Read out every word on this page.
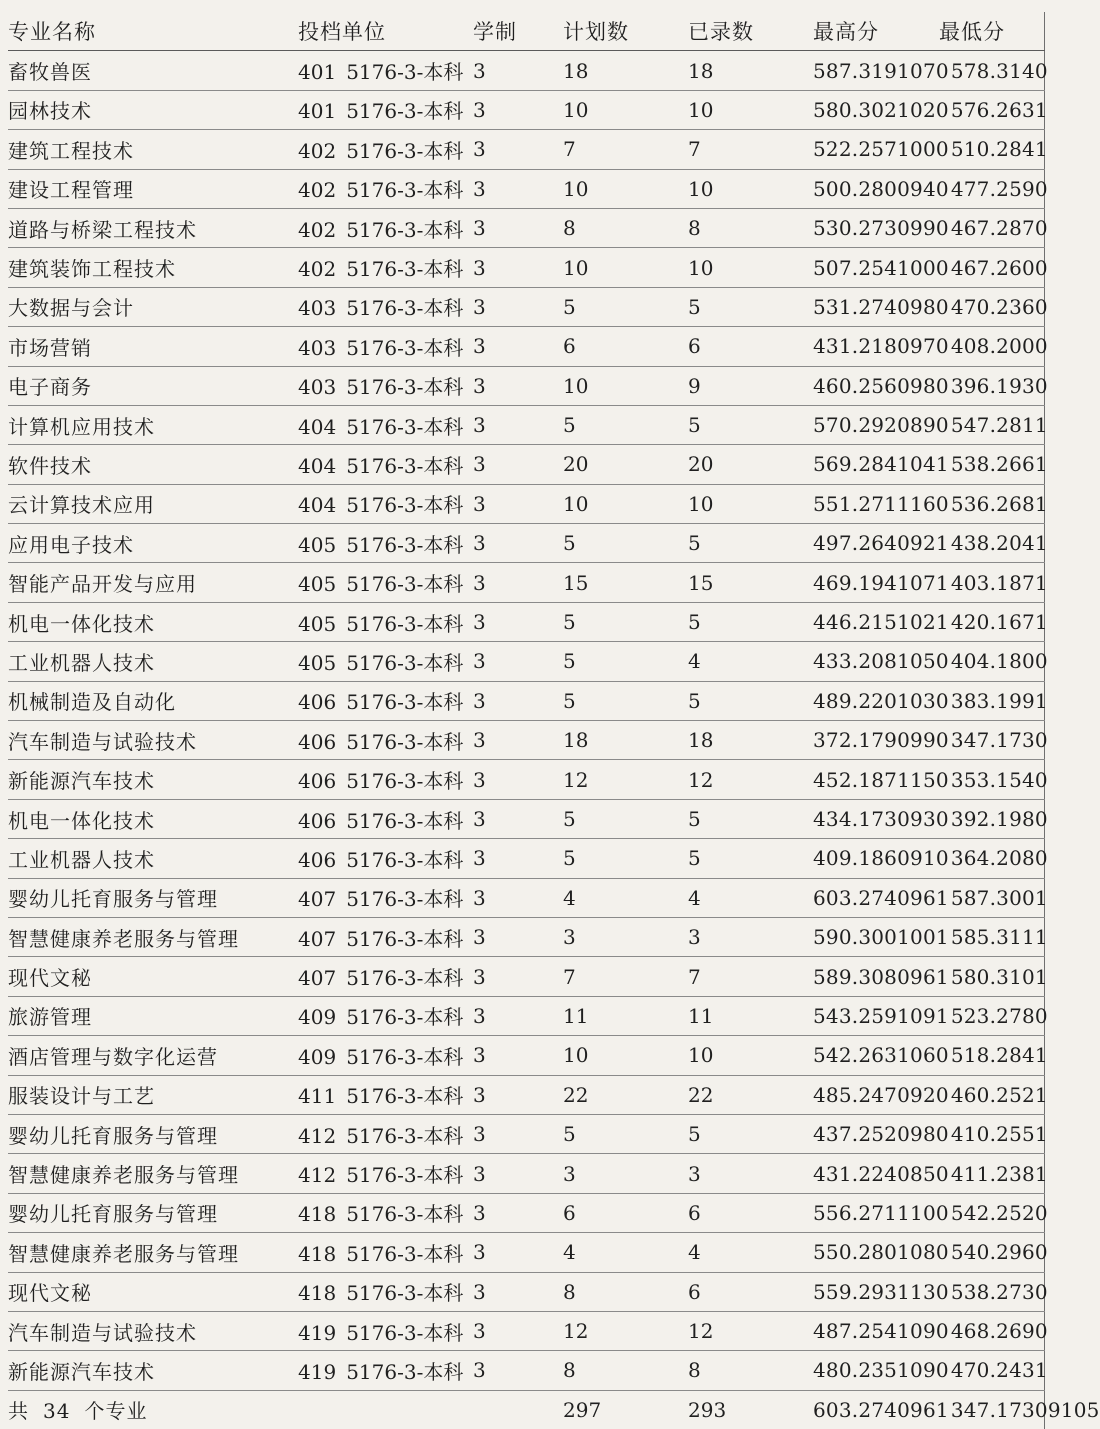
专业名称	投档单位	学制	计划数	已录数	最高分 最低分
畜牧兽医	401 5176-3-本科	3	18	18	587.3191070 578.3140
园林技术	401 5176-3-本科	3	10	10	580.3021020 576.2631
建筑工程技术	402 5176-3-本科	3	7	7	522.2571000 510.2841
建设工程管理	402 5176-3-本科	3	10	10	500.2800940 477.2590
道路与桥梁工程技术	402 5176-3-本科	3	8	8	530.2730990 467.2870
建筑装饰工程技术	402 5176-3-本科	3	10	10	507.2541000 467.2600
大数据与会计	403 5176-3-本科	3	5	5	531.2740980 470.2360
市场营销	403 5176-3-本科	3	6	6	431.2180970 408.2000
电子商务	403 5176-3-本科	3	10	9	460.2560980 396.1930
计算机应用技术	404 5176-3-本科	3	5	5	570.2920890 547.2811
软件技术	404 5176-3-本科	3	20	20	569.2841041 538.2661
云计算技术应用	404 5176-3-本科	3	10	10	551.2711160 536.2681
应用电子技术	405 5176-3-本科	3	5	5	497.2640921 438.2041
智能产品开发与应用	405 5176-3-本科	3	15	15	469.1941071 403.1871
机电一体化技术	405 5176-3-本科	3	5	5	446.2151021 420.1671
工业机器人技术	405 5176-3-本科	3	5	4	433.2081050 404.1800
机械制造及自动化	406 5176-3-本科	3	5	5	489.2201030 383.1991
汽车制造与试验技术	406 5176-3-本科	3	18	18	372.1790990 347.1730
新能源汽车技术	406 5176-3-本科	3	12	12	452.1871150 353.1540
机电一体化技术	406 5176-3-本科	3	5	5	434.1730930 392.1980
工业机器人技术	406 5176-3-本科	3	5	5	409.1860910 364.2080
婴幼儿托育服务与管理	407 5176-3-本科	3	4	4	603.2740961 587.3001
智慧健康养老服务与管理	407 5176-3-本科	3	3	3	590.3001001 585.3111
现代文秘	407 5176-3-本科	3	7	7	589.3080961 580.3101
旅游管理	409 5176-3-本科	3	11	11	543.2591091 523.2780
酒店管理与数字化运营	409 5176-3-本科	3	10	10	542.2631060 518.2841
服装设计与工艺	411 5176-3-本科	3	22	22	485.2470920 460.2521
婴幼儿托育服务与管理	412 5176-3-本科	3	5	5	437.2520980 410.2551
智慧健康养老服务与管理	412 5176-3-本科	3	3	3	431.2240850 411.2381
婴幼儿托育服务与管理	418 5176-3-本科	3	6	6	556.2711100 542.2520
智慧健康养老服务与管理	418 5176-3-本科	3	4	4	550.2801080 540.2960
现代文秘	418 5176-3-本科	3	8	6	559.2931130 538.2730
汽车制造与试验技术	419 5176-3-本科	3	12	12	487.2541090 468.2690
新能源汽车技术	419 5176-3-本科	3	8	8	480.2351090 470.2431
共 34 个专业			297	293	603.2740961 347.17309105
